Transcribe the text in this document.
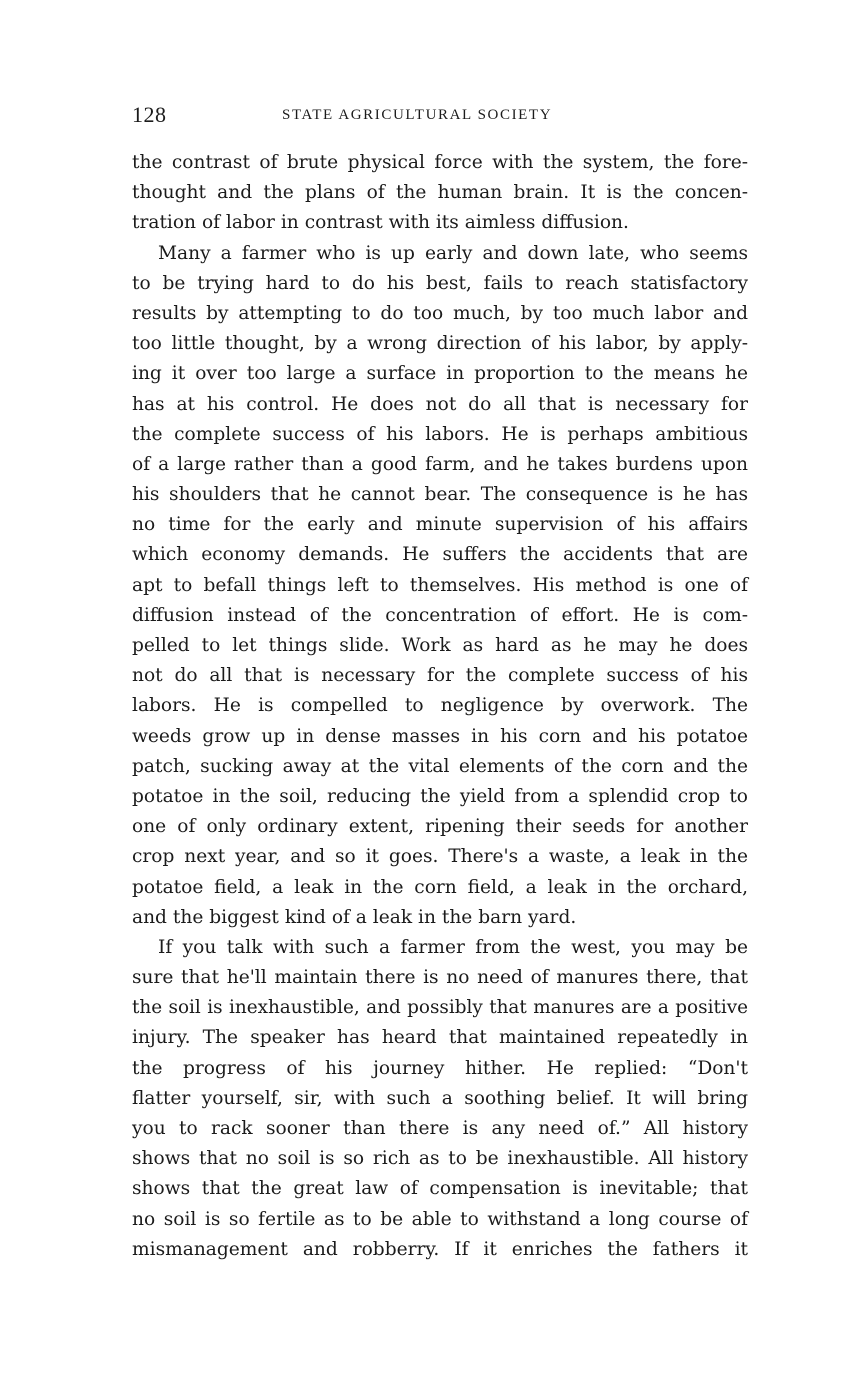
128	STATE AGRICULTURAL SOCIETY
the contrast of brute physical force with the system, the fore-
thought and the plans of the human brain. It is the concen-
tration of labor in contrast with its aimless diffusion.
Many a farmer who is up early and down late, who seems
to be trying hard to do his best, fails to reach statisfactory
results by attempting to do too much, by too much labor and
too little thought, by a wrong direction of his labor, by apply-
ing it over too large a surface in proportion to the means he
has at his control. He does not do all that is necessary for
the complete success of his labors. He is perhaps ambitious
of a large rather than a good farm, and he takes burdens upon
his shoulders that he cannot bear. The consequence is he has
no time for the early and minute supervision of his affairs
which economy demands. He suffers the accidents that are
apt to befall things left to themselves. His method is one of
diffusion instead of the concentration of effort. He is com-
pelled to let things slide. Work as hard as he may he does
not do all that is necessary for the complete success of his
labors. He is compelled to negligence by overwork. The
weeds grow up in dense masses in his corn and his potatoe
patch, sucking away at the vital elements of the corn and the
potatoe in the soil, reducing the yield from a splendid crop to
one of only ordinary extent, ripening their seeds for another
crop next year, and so it goes. There's a waste, a leak in the
potatoe field, a leak in the corn field, a leak in the orchard,
and the biggest kind of a leak in the barn yard.
If you talk with such a farmer from the west, you may be
sure that he'll maintain there is no need of manures there, that
the soil is inexhaustible, and possibly that manures are a positive
injury. The speaker has heard that maintained repeatedly in
the progress of his journey hither. He replied: “Don't
flatter yourself, sir, with such a soothing belief. It will bring
you to rack sooner than there is any need of.” All history
shows that no soil is so rich as to be inexhaustible. All history
shows that the great law of compensation is inevitable; that
no soil is so fertile as to be able to withstand a long course of
mismanagement and robberry. If it enriches the fathers it
